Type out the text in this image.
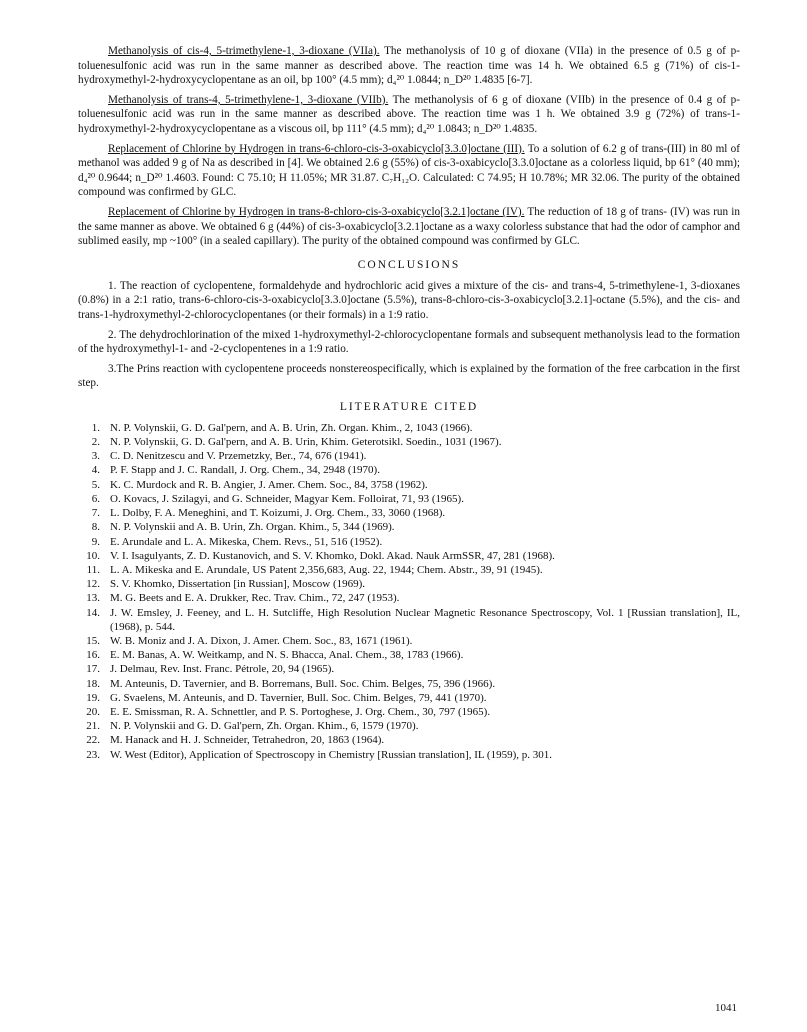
Methanolysis of cis-4, 5-trimethylene-1, 3-dioxane (VIIa). The methanolysis of 10 g of dioxane (VIIa) in the presence of 0.5 g of p-toluenesulfonic acid was run in the same manner as described above. The reaction time was 14 h. We obtained 6.5 g (71%) of cis-1-hydroxymethyl-2-hydroxycyclopentane as an oil, bp 100° (4.5 mm); d₄²⁰ 1.0844; n_D²⁰ 1.4835 [6-7].

Methanolysis of trans-4, 5-trimethylene-1, 3-dioxane (VIIb). The methanolysis of 6 g of dioxane (VIIb) in the presence of 0.4 g of p-toluenesulfonic acid was run in the same manner as described above. The reaction time was 1 h. We obtained 3.9 g (72%) of trans-1-hydroxymethyl-2-hydroxycyclopentane as a viscous oil, bp 111° (4.5 mm); d₄²⁰ 1.0843; n_D²⁰ 1.4835.

Replacement of Chlorine by Hydrogen in trans-6-chloro-cis-3-oxabicyclo[3.3.0]octane (III). To a solution of 6.2 g of trans-(III) in 80 ml of methanol was added 9 g of Na as described in [4]. We obtained 2.6 g (55%) of cis-3-oxabicyclo[3.3.0]octane as a colorless liquid, bp 61° (40 mm); d₄²⁰ 0.9644; n_D²⁰ 1.4603. Found: C 75.10; H 11.05%; MR 31.87. C₇H₁₂O. Calculated: C 74.95; H 10.78%; MR 32.06. The purity of the obtained compound was confirmed by GLC.

Replacement of Chlorine by Hydrogen in trans-8-chloro-cis-3-oxabicyclo[3.2.1]octane (IV). The reduction of 18 g of trans- (IV) was run in the same manner as above. We obtained 6 g (44%) of cis-3-oxabicyclo[3.2.1]octane as a waxy colorless substance that had the odor of camphor and sublimed easily, mp ~100° (in a sealed capillary). The purity of the obtained compound was confirmed by GLC.

CONCLUSIONS

1. The reaction of cyclopentene, formaldehyde and hydrochloric acid gives a mixture of the cis- and trans-4, 5-trimethylene-1, 3-dioxanes (0.8%) in a 2:1 ratio, trans-6-chloro-cis-3-oxabicyclo[3.3.0]octane (5.5%), trans-8-chloro-cis-3-oxabicyclo[3.2.1]-octane (5.5%), and the cis- and trans-1-hydroxymethyl-2-chlorocyclopentanes (or their formals) in a 1:9 ratio.

2. The dehydrochlorination of the mixed 1-hydroxymethyl-2-chlorocyclopentane formals and subsequent methanolysis lead to the formation of the hydroxymethyl-1- and -2-cyclopentenes in a 1:9 ratio.

3.The Prins reaction with cyclopentene proceeds nonstereospecifically, which is explained by the formation of the free carbcation in the first step.

LITERATURE CITED
1. N. P. Volynskii, G. D. Gal'pern, and A. B. Urin, Zh. Organ. Khim., 2, 1043 (1966).
2. N. P. Volynskii, G. D. Gal'pern, and A. B. Urin, Khim. Geterotsikl. Soedin., 1031 (1967).
3. C. D. Nenitzescu and V. Przemetzky, Ber., 74, 676 (1941).
4. P. F. Stapp and J. C. Randall, J. Org. Chem., 34, 2948 (1970).
5. K. C. Murdock and R. B. Angier, J. Amer. Chem. Soc., 84, 3758 (1962).
6. O. Kovacs, J. Szilagyi, and G. Schneider, Magyar Kem. Folloirat, 71, 93 (1965).
7. L. Dolby, F. A. Meneghini, and T. Koizumi, J. Org. Chem., 33, 3060 (1968).
8. N. P. Volynskii and A. B. Urin, Zh. Organ. Khim., 5, 344 (1969).
9. E. Arundale and L. A. Mikeska, Chem. Revs., 51, 516 (1952).
10. V. I. Isagulyants, Z. D. Kustanovich, and S. V. Khomko, Dokl. Akad. Nauk ArmSSR, 47, 281 (1968).
11. L. A. Mikeska and E. Arundale, US Patent 2,356,683, Aug. 22, 1944; Chem. Abstr., 39, 91 (1945).
12. S. V. Khomko, Dissertation [in Russian], Moscow (1969).
13. M. G. Beets and E. A. Drukker, Rec. Trav. Chim., 72, 247 (1953).
14. J. W. Emsley, J. Feeney, and L. H. Sutcliffe, High Resolution Nuclear Magnetic Resonance Spectroscopy, Vol. 1 [Russian translation], IL, (1968), p. 544.
15. W. B. Moniz and J. A. Dixon, J. Amer. Chem. Soc., 83, 1671 (1961).
16. E. M. Banas, A. W. Weitkamp, and N. S. Bhacca, Anal. Chem., 38, 1783 (1966).
17. J. Delmau, Rev. Inst. Franc. Pétrole, 20, 94 (1965).
18. M. Anteunis, D. Tavernier, and B. Borremans, Bull. Soc. Chim. Belges, 75, 396 (1966).
19. G. Svaelens, M. Anteunis, and D. Tavernier, Bull. Soc. Chim. Belges, 79, 441 (1970).
20. E. E. Smissman, R. A. Schnettler, and P. S. Portoghese, J. Org. Chem., 30, 797 (1965).
21. N. P. Volynskii and G. D. Gal'pern, Zh. Organ. Khim., 6, 1579 (1970).
22. M. Hanack and H. J. Schneider, Tetrahedron, 20, 1863 (1964).
23. W. West (Editor), Application of Spectroscopy in Chemistry [Russian translation], IL (1959), p. 301.
1041
